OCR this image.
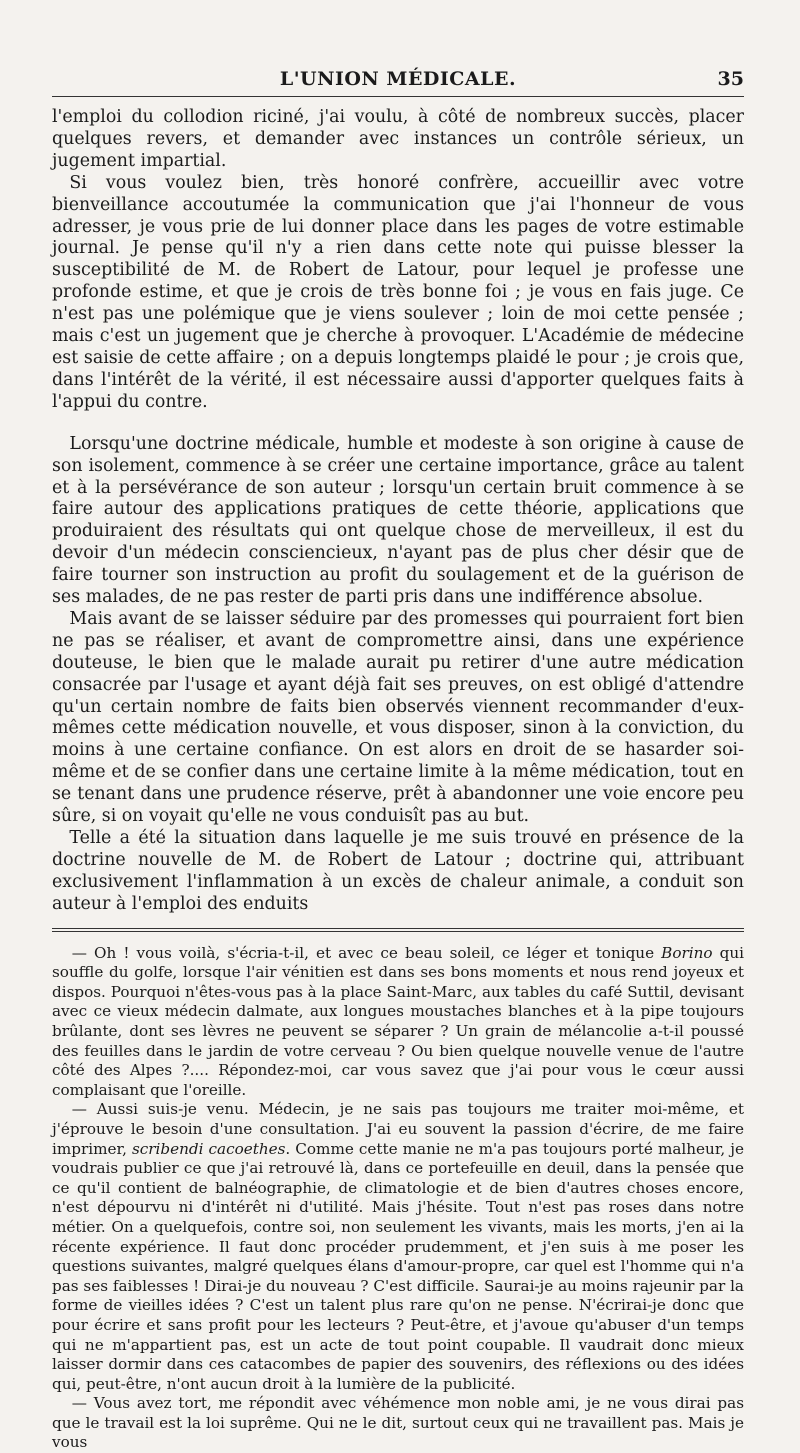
L'UNION MÉDICALE.	35

l'emploi du collodion riciné, j'ai voulu, à côté de nombreux succès, placer quelques revers, et demander avec instances un contrôle sérieux, un jugement impartial.

Si vous voulez bien, très honoré confrère, accueillir avec votre bienveillance accoutumée la communication que j'ai l'honneur de vous adresser, je vous prie de lui donner place dans les pages de votre estimable journal. Je pense qu'il n'y a rien dans cette note qui puisse blesser la susceptibilité de M. de Robert de Latour, pour lequel je professe une profonde estime, et que je crois de très bonne foi ; je vous en fais juge. Ce n'est pas une polémique que je viens soulever ; loin de moi cette pensée ; mais c'est un jugement que je cherche à provoquer. L'Académie de médecine est saisie de cette affaire ; on a depuis longtemps plaidé le pour ; je crois que, dans l'intérêt de la vérité, il est nécessaire aussi d'apporter quelques faits à l'appui du contre.

Lorsqu'une doctrine médicale, humble et modeste à son origine à cause de son isolement, commence à se créer une certaine importance, grâce au talent et à la persévérance de son auteur ; lorsqu'un certain bruit commence à se faire autour des applications pratiques de cette théorie, applications que produiraient des résultats qui ont quelque chose de merveilleux, il est du devoir d'un médecin consciencieux, n'ayant pas de plus cher désir que de faire tourner son instruction au profit du soulagement et de la guérison de ses malades, de ne pas rester de parti pris dans une indifférence absolue.

Mais avant de se laisser séduire par des promesses qui pourraient fort bien ne pas se réaliser, et avant de compromettre ainsi, dans une expérience douteuse, le bien que le malade aurait pu retirer d'une autre médication consacrée par l'usage et ayant déjà fait ses preuves, on est obligé d'attendre qu'un certain nombre de faits bien observés viennent recommander d'eux-mêmes cette médication nouvelle, et vous disposer, sinon à la conviction, du moins à une certaine confiance. On est alors en droit de se hasarder soi-même et de se confier dans une certaine limite à la même médication, tout en se tenant dans une prudence réserve, prêt à abandonner une voie encore peu sûre, si on voyait qu'elle ne vous conduisît pas au but.

Telle a été la situation dans laquelle je me suis trouvé en présence de la doctrine nouvelle de M. de Robert de Latour ; doctrine qui, attribuant exclusivement l'inflammation à un excès de chaleur animale, a conduit son auteur à l'emploi des enduits

— Oh ! vous voilà, s'écria-t-il, et avec ce beau soleil, ce léger et tonique Borino qui souffle du golfe, lorsque l'air vénitien est dans ses bons moments et nous rend joyeux et dispos. Pourquoi n'êtes-vous pas à la place Saint-Marc, aux tables du café Suttil, devisant avec ce vieux médecin dalmate, aux longues moustaches blanches et à la pipe toujours brûlante, dont ses lèvres ne peuvent se séparer ? Un grain de mélancolie a-t-il poussé des feuilles dans le jardin de votre cerveau ? Ou bien quelque nouvelle venue de l'autre côté des Alpes ?.... Répondez-moi, car vous savez que j'ai pour vous le cœur aussi complaisant que l'oreille.

— Aussi suis-je venu. Médecin, je ne sais pas toujours me traiter moi-même, et j'éprouve le besoin d'une consultation. J'ai eu souvent la passion d'écrire, de me faire imprimer, scribendi cacoethes. Comme cette manie ne m'a pas toujours porté malheur, je voudrais publier ce que j'ai retrouvé là, dans ce portefeuille en deuil, dans la pensée que ce qu'il contient de balnéographie, de climatologie et de bien d'autres choses encore, n'est dépourvu ni d'intérêt ni d'utilité. Mais j'hésite. Tout n'est pas roses dans notre métier. On a quelquefois, contre soi, non seulement les vivants, mais les morts, j'en ai la récente expérience. Il faut donc procéder prudemment, et j'en suis à me poser les questions suivantes, malgré quelques élans d'amour-propre, car quel est l'homme qui n'a pas ses faiblesses ! Dirai-je du nouveau ? C'est difficile. Saurai-je au moins rajeunir par la forme de vieilles idées ? C'est un talent plus rare qu'on ne pense. N'écrirai-je donc que pour écrire et sans profit pour les lecteurs ? Peut-être, et j'avoue qu'abuser d'un temps qui ne m'appartient pas, est un acte de tout point coupable. Il vaudrait donc mieux laisser dormir dans ces catacombes de papier des souvenirs, des réflexions ou des idées qui, peut-être, n'ont aucun droit à la lumière de la publicité.

— Vous avez tort, me répondit avec véhémence mon noble ami, je ne vous dirai pas que le travail est la loi suprême. Qui ne le dit, surtout ceux qui ne travaillent pas. Mais je vous
